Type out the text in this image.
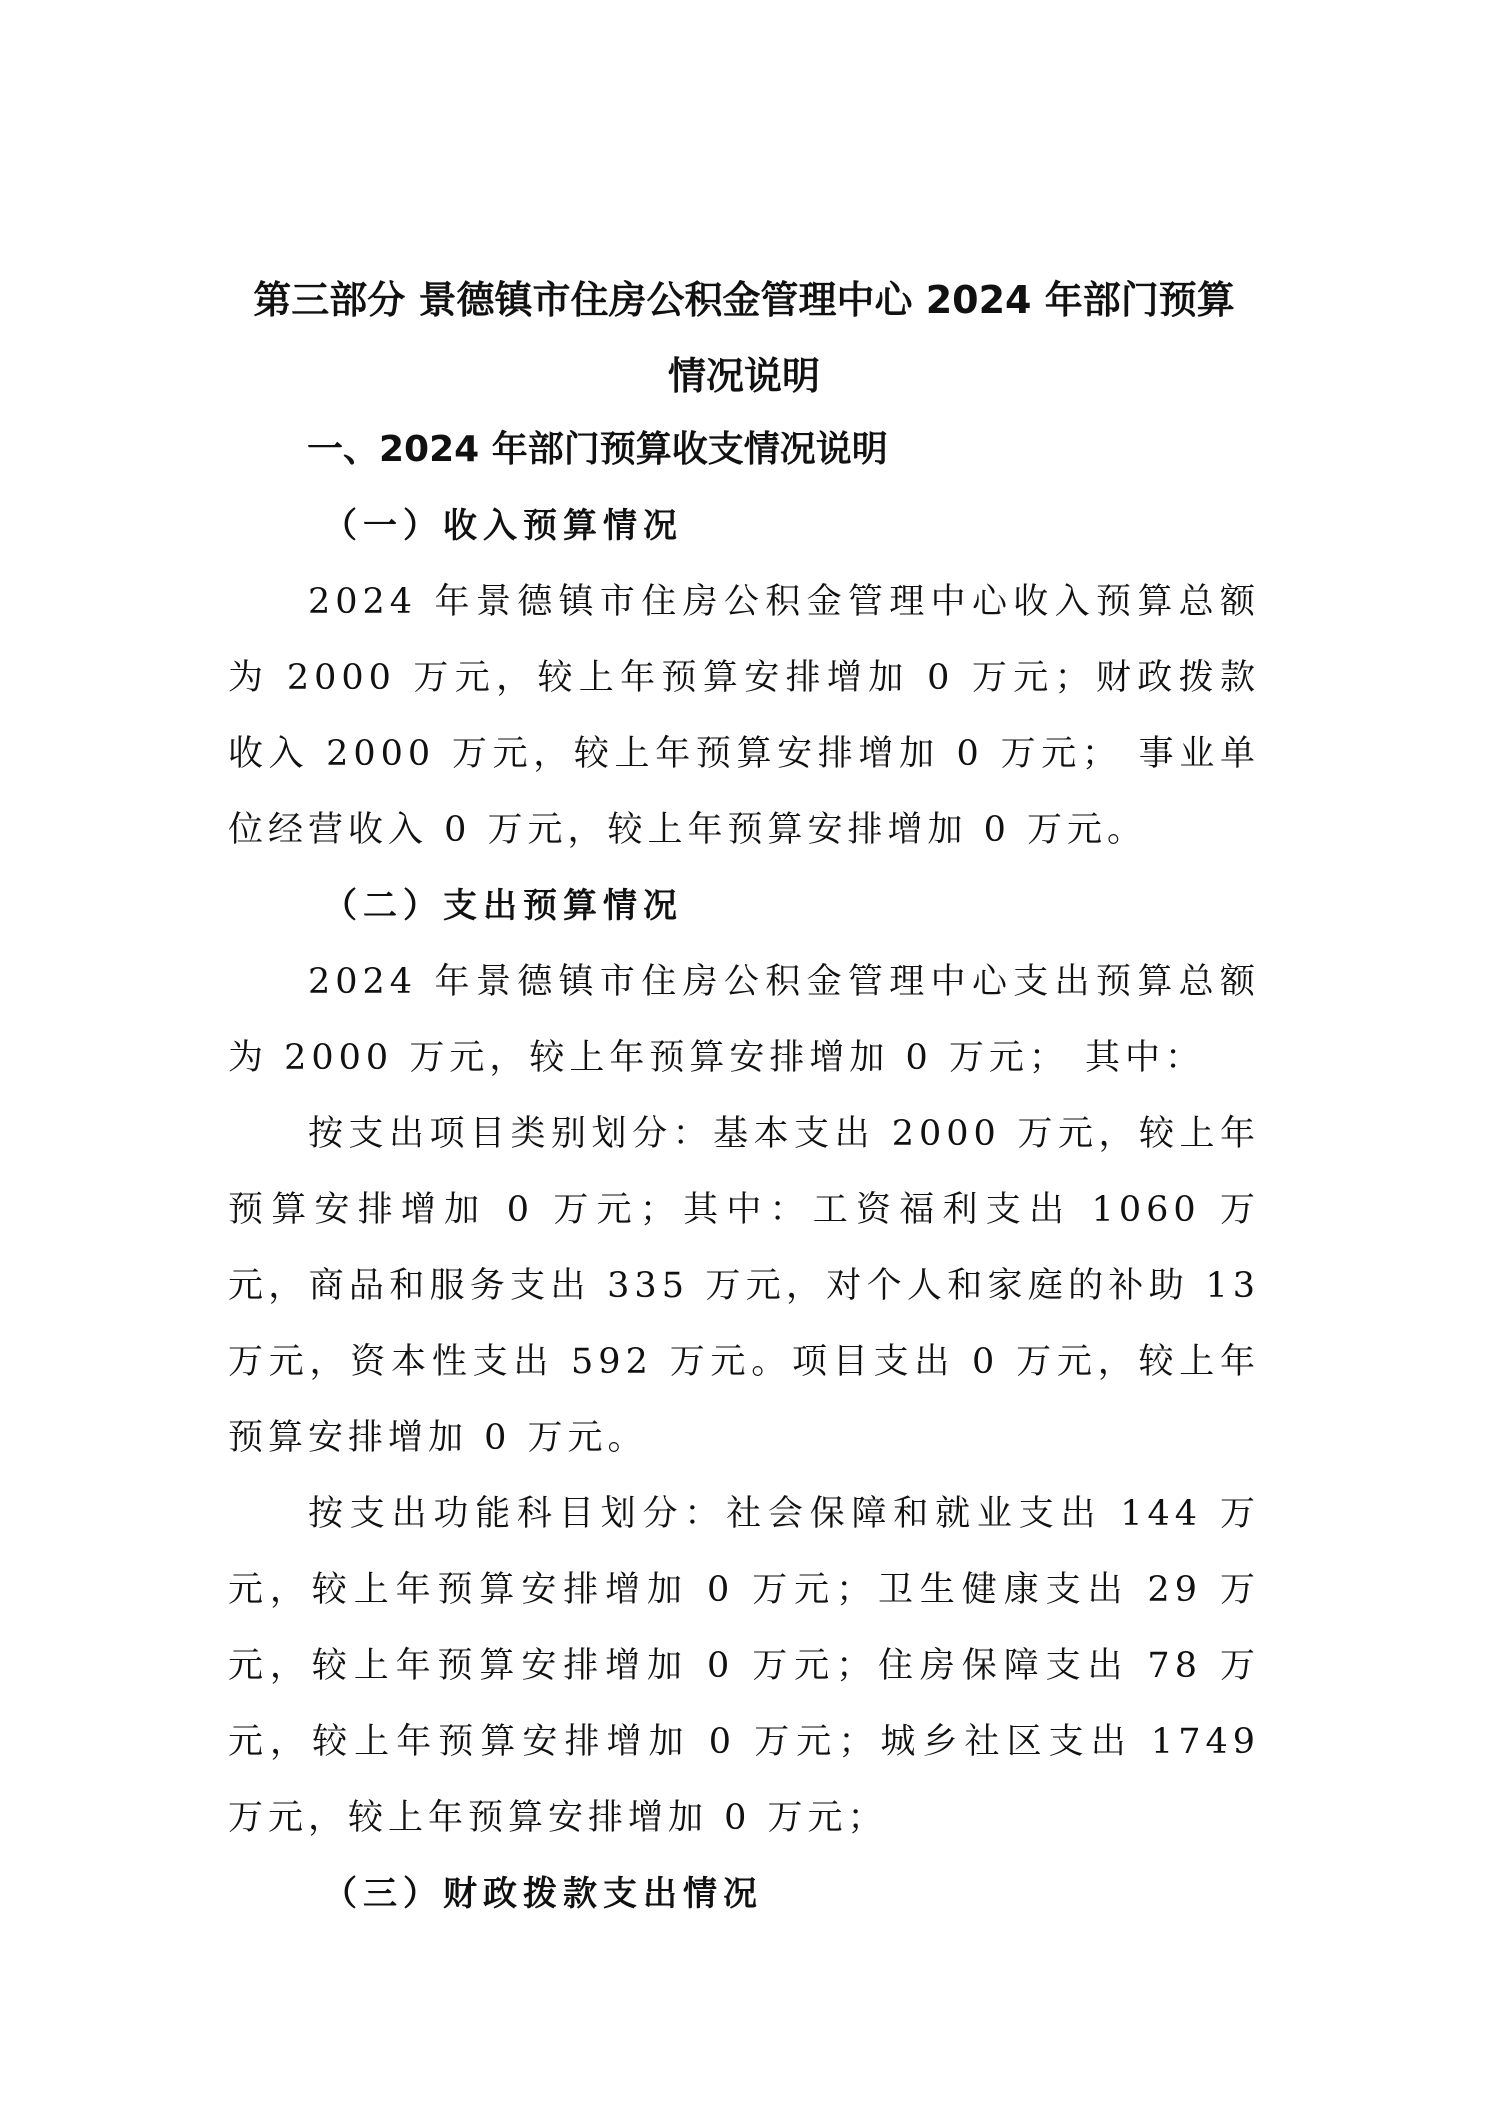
第三部分 景德镇市住房公积金管理中心 2024 年部门预算
情况说明
一、2024 年部门预算收支情况说明
（一）收入预算情况
2024 年景德镇市住房公积金管理中心收入预算总额为 2000 万元，较上年预算安排增加 0 万元；财政拨款收入 2000 万元，较上年预算安排增加 0 万元； 事业单位经营收入 0 万元，较上年预算安排增加 0 万元。
（二）支出预算情况
2024 年景德镇市住房公积金管理中心支出预算总额为 2000 万元，较上年预算安排增加 0 万元； 其中：
按支出项目类别划分：基本支出 2000 万元，较上年预算安排增加 0 万元；其中：工资福利支出 1060 万元，商品和服务支出 335 万元，对个人和家庭的补助 13 万元，资本性支出 592 万元。项目支出 0 万元，较上年预算安排增加 0 万元。
按支出功能科目划分：社会保障和就业支出 144 万元，较上年预算安排增加 0 万元；卫生健康支出 29 万元，较上年预算安排增加 0 万元；住房保障支出 78 万元，较上年预算安排增加 0 万元；城乡社区支出 1749 万元，较上年预算安排增加 0 万元；
（三）财政拨款支出情况
